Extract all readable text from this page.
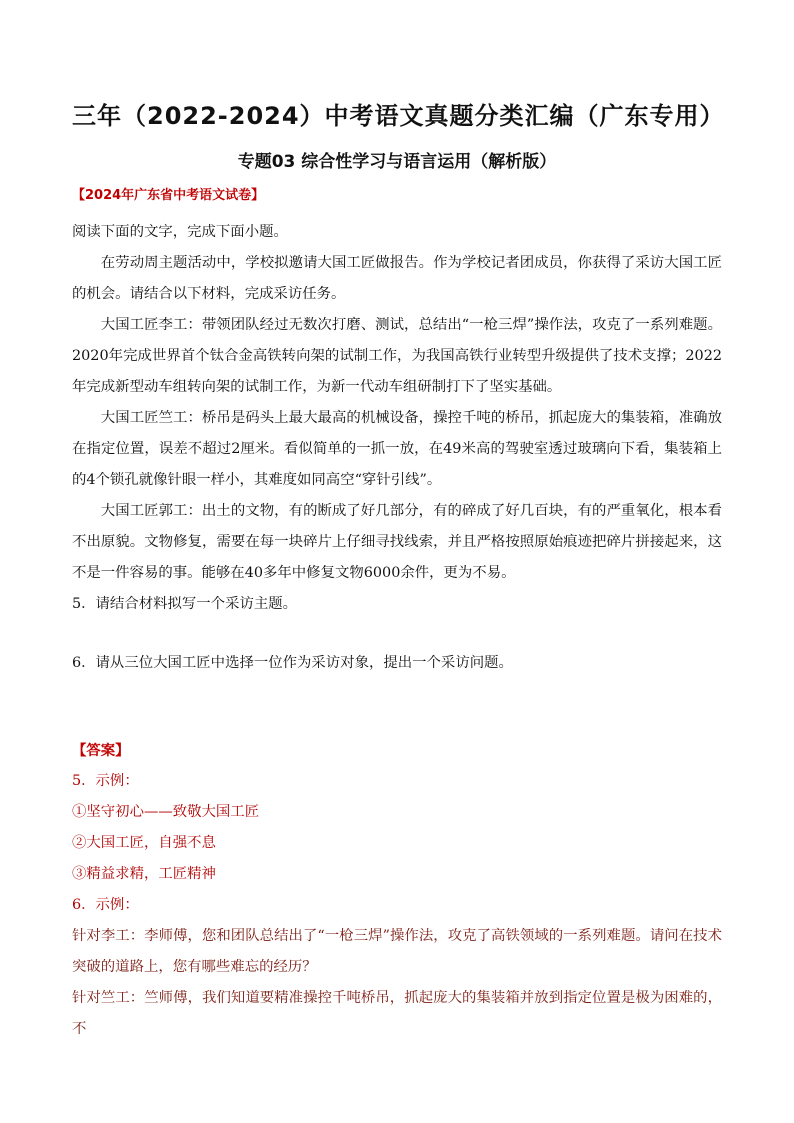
三年（2022-2024）中考语文真题分类汇编（广东专用）
专题03 综合性学习与语言运用（解析版）
【2024年广东省中考语文试卷】

阅读下面的文字，完成下面小题。

在劳动周主题活动中，学校拟邀请大国工匠做报告。作为学校记者团成员，你获得了采访大国工匠的机会。请结合以下材料，完成采访任务。

大国工匠李工：带领团队经过无数次打磨、测试，总结出“一枪三焊”操作法，攻克了一系列难题。2020年完成世界首个钛合金高铁转向架的试制工作，为我国高铁行业转型升级提供了技术支撑；2022年完成新型动车组转向架的试制工作，为新一代动车组研制打下了坚实基础。

大国工匠竺工：桥吊是码头上最大最高的机械设备，操控千吨的桥吊，抓起庞大的集装箱，准确放在指定位置，误差不超过2厘米。看似简单的一抓一放，在49米高的驾驶室透过玻璃向下看，集装箱上的4个锁孔就像针眼一样小，其难度如同高空“穿针引线”。

大国工匠郭工：出土的文物，有的断成了好几部分，有的碎成了好几百块，有的严重氧化，根本看不出原貌。文物修复，需要在每一块碎片上仔细寻找线索，并且严格按照原始痕迹把碎片拼接起来，这不是一件容易的事。能够在40多年中修复文物6000余件，更为不易。

5．请结合材料拟写一个采访主题。

6．请从三位大国工匠中选择一位作为采访对象，提出一个采访问题。

【答案】

5．示例：

①坚守初心——致敬大国工匠

②大国工匠，自强不息

③精益求精，工匠精神

6．示例：

针对李工：李师傅，您和团队总结出了“一枪三焊”操作法，攻克了高铁领域的一系列难题。请问在技术突破的道路上，您有哪些难忘的经历？

针对竺工：竺师傅，我们知道要精准操控千吨桥吊，抓起庞大的集装箱并放到指定位置是极为困难的，不
